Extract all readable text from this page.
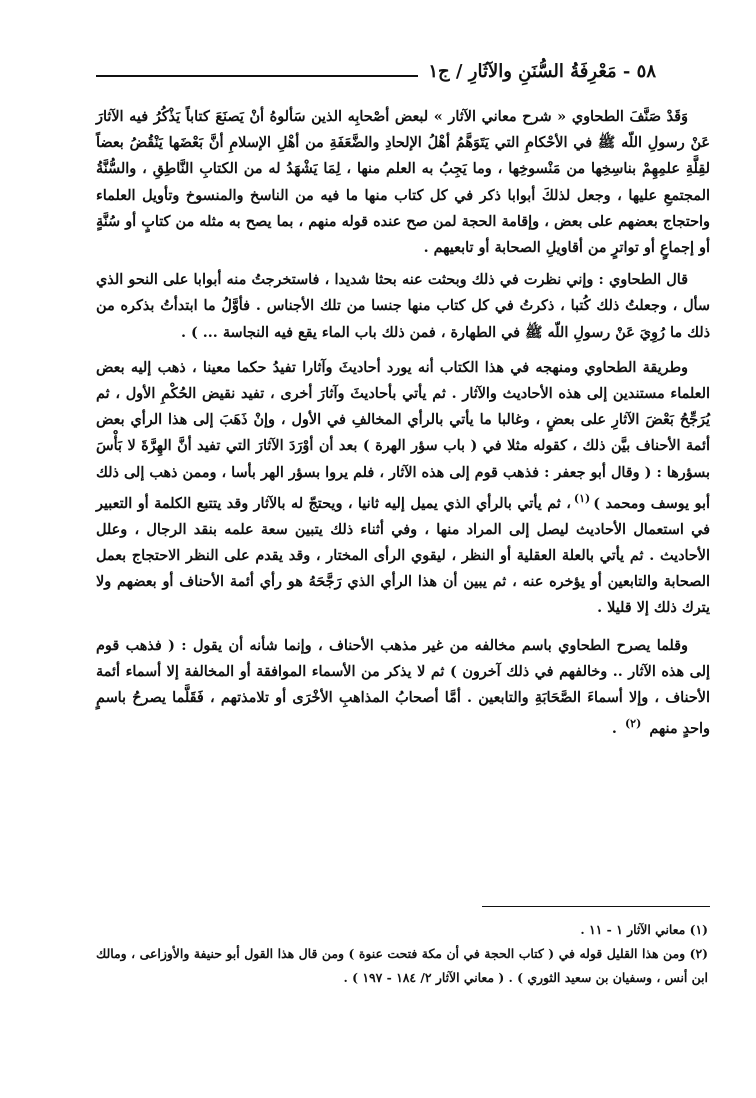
٥٨ - مَعْرِفَةُ السُّنَنِ والآثَارِ / ج١

وَقَدْ صَنَّفَ الطحاوي « شرح معاني الآثار » لبعض أصْحابِه الذين سَألوهُ أنْ يَصنَعَ كتاباً يَذْكُرُ فيه الآثارَ عَنْ رسولِ اللّه ﷺ في الأحْكامِ التي يَتَوَهَّمُ أهْلُ الإلحادِ والضَّعَفَةِ من أهْلِ الإسلامِ أنَّ بَعْضَها يَنْقُضُ بعضاً لقِلَّةِ علمِهِمْ بناسِخِها من مَنْسوخِها ، وما يَجِبُ به العلم منها ، لِمَا يَشْهَدُ له من الكتابِ النَّاطِقِ ، والسُّنَّةُ المجتمعِ عليها ، وجعل لذلكَ أبوابا ذكر في كل كتاب منها ما فيه من الناسخ والمنسوخ وتأويل العلماء واحتجاج بعضهم على بعض ، وإقامة الحجة لمن صح عنده قوله منهم ، بما يصح به مثله من كتابٍ أو سُنَّةٍ أو إجماعٍ أو تواترٍ من أقاويلِ الصحابة أو تابعيهم .

قال الطحاوي : وإني نظرت في ذلك وبحثت عنه بحثا شديدا ، فاستخرجتُ منه أبوابا على النحو الذي سأل ، وجعلتُ ذلك كُتبا ، ذكرتُ في كل كتاب منها جنسا من تلك الأجناس . فأوَّلُ ما ابتدأتُ بذكره من ذلك ما رُوِيَ عَنْ رسولِ اللّه ﷺ في الطهارة ، فمن ذلك باب الماء يقع فيه النجاسة ... ) .

وطريقة الطحاوي ومنهجه في هذا الكتاب أنه يورد أحاديثَ وآثارا تفيدُ حكما معينا ، ذهب إليه بعض العلماء مستندين إلى هذه الأحاديث والآثار . ثم يأتي بأحاديثَ وآثارَ أخرى ، تفيد نقيض الحُكْمِ الأول ، ثم يُرَجِّحُ بَعْضَ الآثارِ على بعضٍ ، وغالبا ما يأتي بالرأي المخالفِ في الأول ، وإنْ ذَهَبَ إلى هذا الرأي بعض أئمة الأحناف بيَّن ذلك ، كقوله مثلا في ( باب سؤر الهرة ) بعد أن أوْرَدَ الآثارَ التي تفيد أنَّ الهِرَّةَ لا بَأْسَ بسؤرها : ( وقال أبو جعفر : فذهب قوم إلى هذه الآثار ، فلم يروا بسؤر الهر بأسا ، وممن ذهب إلى ذلك أبو يوسف ومحمد )$^{(١)}$، ثم يأتي بالرأي الذي يميل إليه ثانيا ، ويحتجّ له بالآثار وقد يتتبع الكلمة أو التعبير في استعمال الأحاديث ليصل إلى المراد منها ، وفي أثناء ذلك يتبين سعة علمه بنقد الرجال ، وعلل الأحاديث . ثم يأتي بالعلة العقلية أو النظر ، ليقوي الرأى المختار ، وقد يقدم على النظر الاحتجاج بعمل الصحابة والتابعين أو يؤخره عنه ، ثم يبين أن هذا الرأي الذي رَجَّحَهُ هو رأي أئمة الأحناف أو بعضهم ولا يترك ذلك إلا قليلا .

وقلما يصرح الطحاوي باسم مخالفه من غير مذهب الأحناف ، وإنما شأنه أن يقول : ( فذهب قوم إلى هذه الآثار .. وخالفهم في ذلك آخرون ) ثم لا يذكر من الأسماء الموافقة أو المخالفة إلا أسماء أئمة الأحناف ، وإلا أسماءَ الصَّحَابَةِ والتابعين . أمَّا أصحابُ المذاهبِ الأخْرَى أو تلامذتهم ، فَقَلَّما يصرحُ باسمٍ واحدٍ منهم $^{(٢)}$ .

(١) معاني الآثار ١ - ١١ .

(٢) ومن هذا القليل قوله في ( كتاب الحجة في أن مكة فتحت عنوة ) ومن قال هذا القول أبو حنيفة والأوزاعى ، ومالك ابن أنس ، وسفيان بن سعيد الثوري ) . ( معاني الآثار ٢/ ١٨٤ - ١٩٧ ) .
